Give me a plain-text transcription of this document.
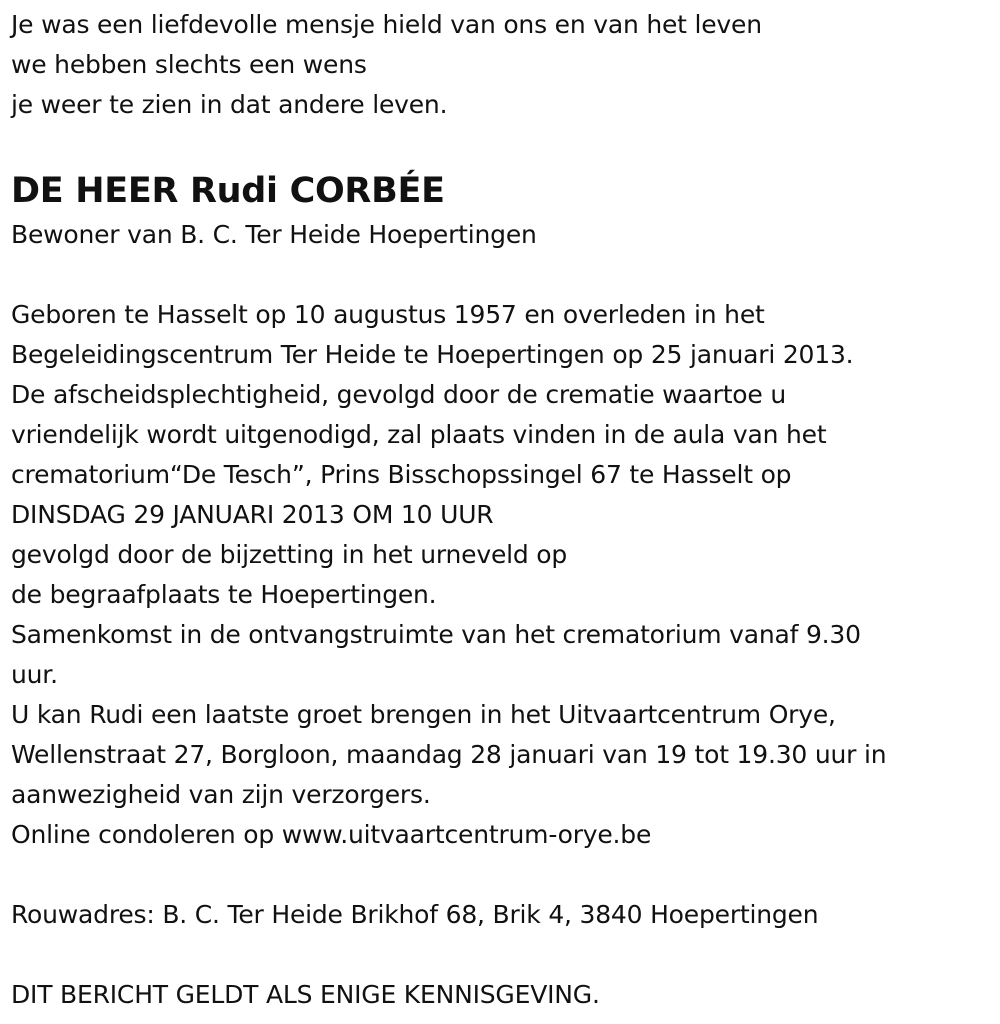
Je was een liefdevolle mensje hield van ons en van het leven
we hebben slechts een wens
je weer te zien in dat andere leven.
DE HEER Rudi CORBÉE
Bewoner van B. C. Ter Heide Hoepertingen
Geboren te Hasselt op 10 augustus 1957 en overleden in het
Begeleidingscentrum Ter Heide te Hoepertingen op 25 januari 2013.
De afscheidsplechtigheid, gevolgd door de crematie waartoe u
vriendelijk wordt uitgenodigd, zal plaats vinden in de aula van het
crematorium“De Tesch”, Prins Bisschopssingel 67 te Hasselt op
DINSDAG 29 JANUARI 2013 OM 10 UUR
gevolgd door de bijzetting in het urneveld op
de begraafplaats te Hoepertingen.
Samenkomst in de ontvangstruimte van het crematorium vanaf 9.30
uur.
U kan Rudi een laatste groet brengen in het Uitvaartcentrum Orye,
Wellenstraat 27, Borgloon, maandag 28 januari van 19 tot 19.30 uur in
aanwezigheid van zijn verzorgers.
Online condoleren op www.uitvaartcentrum-orye.be
Rouwadres: B. C. Ter Heide Brikhof 68, Brik 4, 3840 Hoepertingen
DIT BERICHT GELDT ALS ENIGE KENNISGEVING.
